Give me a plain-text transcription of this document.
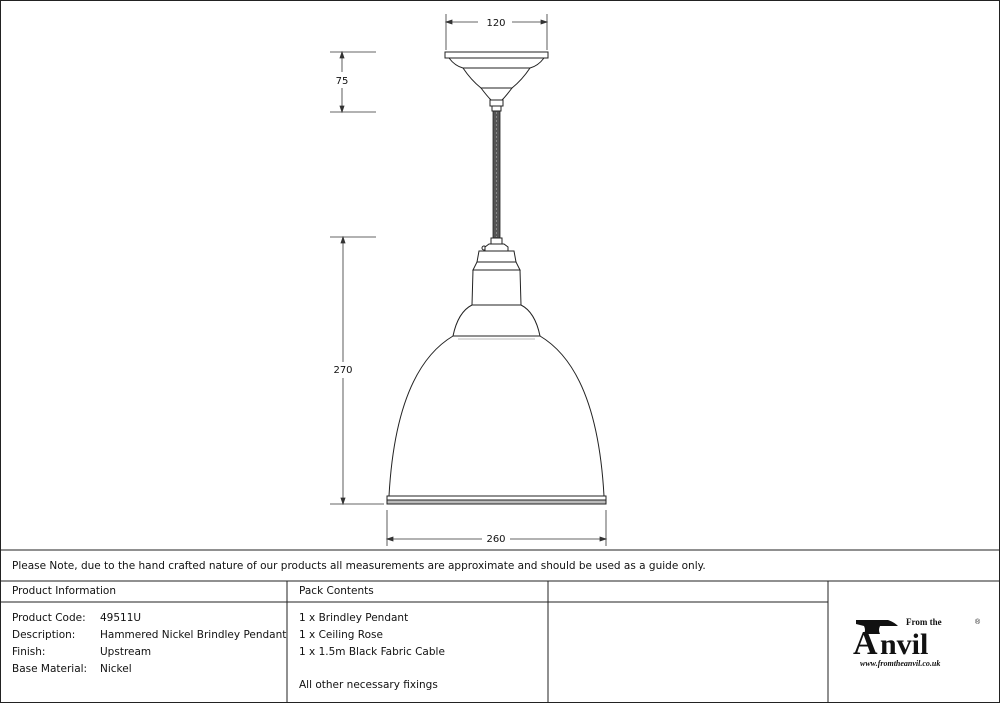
120
75
270
260
Please Note, due to the hand crafted nature of our products all measurements are approximate and should be used as a guide only.
Product Information	Pack Contents
Product Code: 49511U
Description: Hammered Nickel Brindley Pendant
Finish:	Upstream
Base Material: Nickel
1 x Brindley Pendant
1 x Ceiling Rose
1 x 1.5m Black Fabric Cable
All other necessary fixings
From the
A nvil
®
www.fromtheanvil.co.uk
